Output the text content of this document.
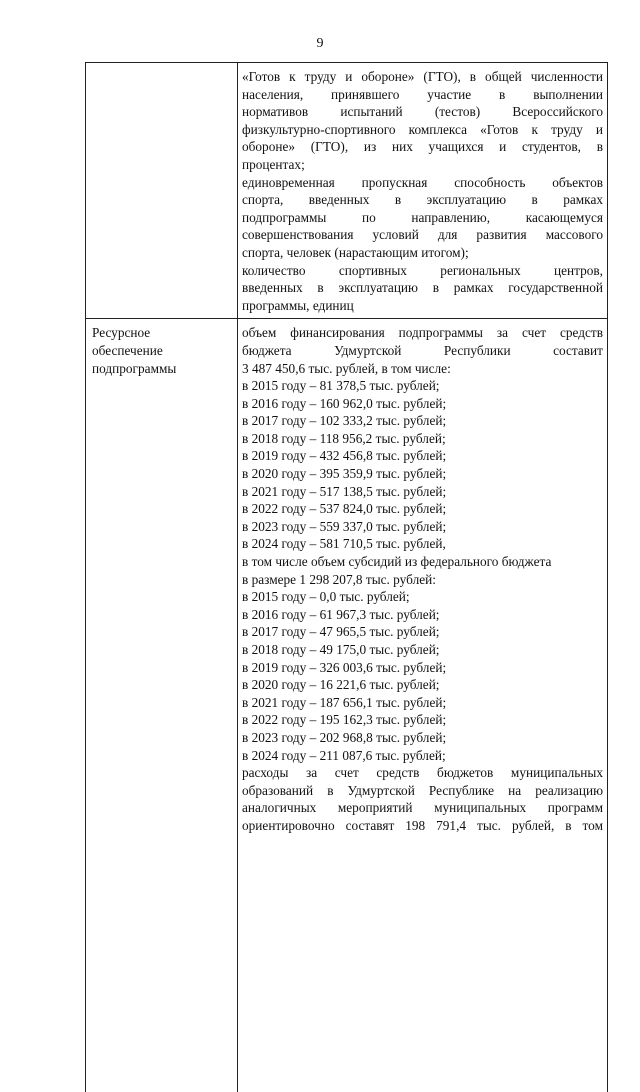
9
«Готов к труду и обороне» (ГТО), в общей численности
населения, принявшего участие в выполнении
нормативов испытаний (тестов) Всероссийского
физкультурно-спортивного комплекса «Готов к труду и
обороне» (ГТО), из них учащихся и студентов, в
процентах;
единовременная пропускная способность объектов
спорта, введенных в эксплуатацию в рамках
подпрограммы по направлению, касающемуся
совершенствования условий для развития массового
спорта, человек (нарастающим итогом);
количество спортивных региональных центров,
введенных в эксплуатацию в рамках государственной
программы, единиц
Ресурсное
обеспечение
подпрограммы
объем финансирования подпрограммы за счет средств
бюджета Удмуртской Республики составит
3 487 450,6 тыс. рублей, в том числе:
в 2015 году – 81 378,5 тыс. рублей;
в 2016 году – 160 962,0 тыс. рублей;
в 2017 году – 102 333,2 тыс. рублей;
в 2018 году – 118 956,2 тыс. рублей;
в 2019 году – 432 456,8 тыс. рублей;
в 2020 году – 395 359,9 тыс. рублей;
в 2021 году – 517 138,5 тыс. рублей;
в 2022 году – 537 824,0 тыс. рублей;
в 2023 году – 559 337,0 тыс. рублей;
в 2024 году – 581 710,5 тыс. рублей,
в том числе объем субсидий из федерального бюджета
в размере 1 298 207,8 тыс. рублей:
в 2015 году – 0,0 тыс. рублей;
в 2016 году – 61 967,3 тыс. рублей;
в 2017 году – 47 965,5 тыс. рублей;
в 2018 году – 49 175,0 тыс. рублей;
в 2019 году – 326 003,6 тыс. рублей;
в 2020 году – 16 221,6 тыс. рублей;
в 2021 году – 187 656,1 тыс. рублей;
в 2022 году – 195 162,3 тыс. рублей;
в 2023 году – 202 968,8 тыс. рублей;
в 2024 году – 211 087,6 тыс. рублей;
расходы за счет средств бюджетов муниципальных
образований в Удмуртской Республике на реализацию
аналогичных мероприятий муниципальных программ
ориентировочно составят 198 791,4 тыс. рублей, в том
